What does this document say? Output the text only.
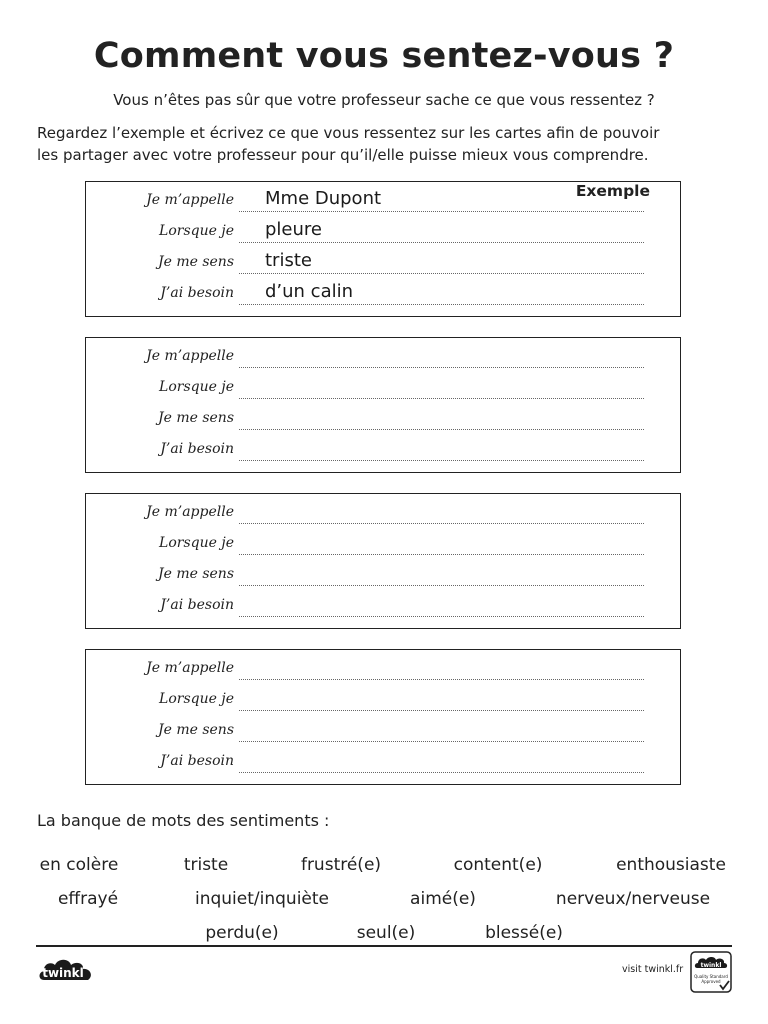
Comment vous sentez-vous ?
Vous n’êtes pas sûr que votre professeur sache ce que vous ressentez ?
Regardez l’exemple et écrivez ce que vous ressentez sur les cartes afin de pouvoir
les partager avec votre professeur pour qu’il/elle puisse mieux vous comprendre.
Exemple
Je m’appelle Mme Dupont
Lorsque je pleure
Je me sens triste
J’ai besoin d’un calin
Je m’appelle
Lorsque je
Je me sens
J’ai besoin
Je m’appelle
Lorsque je
Je me sens
J’ai besoin
Je m’appelle
Lorsque je
Je me sens
J’ai besoin
La banque de mots des sentiments :
en colère	triste	frustré(e)	content(e)	enthousiaste
effrayé	inquiet/inquiète	aimé(e)	nerveux/nerveuse
perdu(e)	seul(e)	blessé(e)
twinkl	visit twinkl.fr	twinkl
Quality Standard
Approved
